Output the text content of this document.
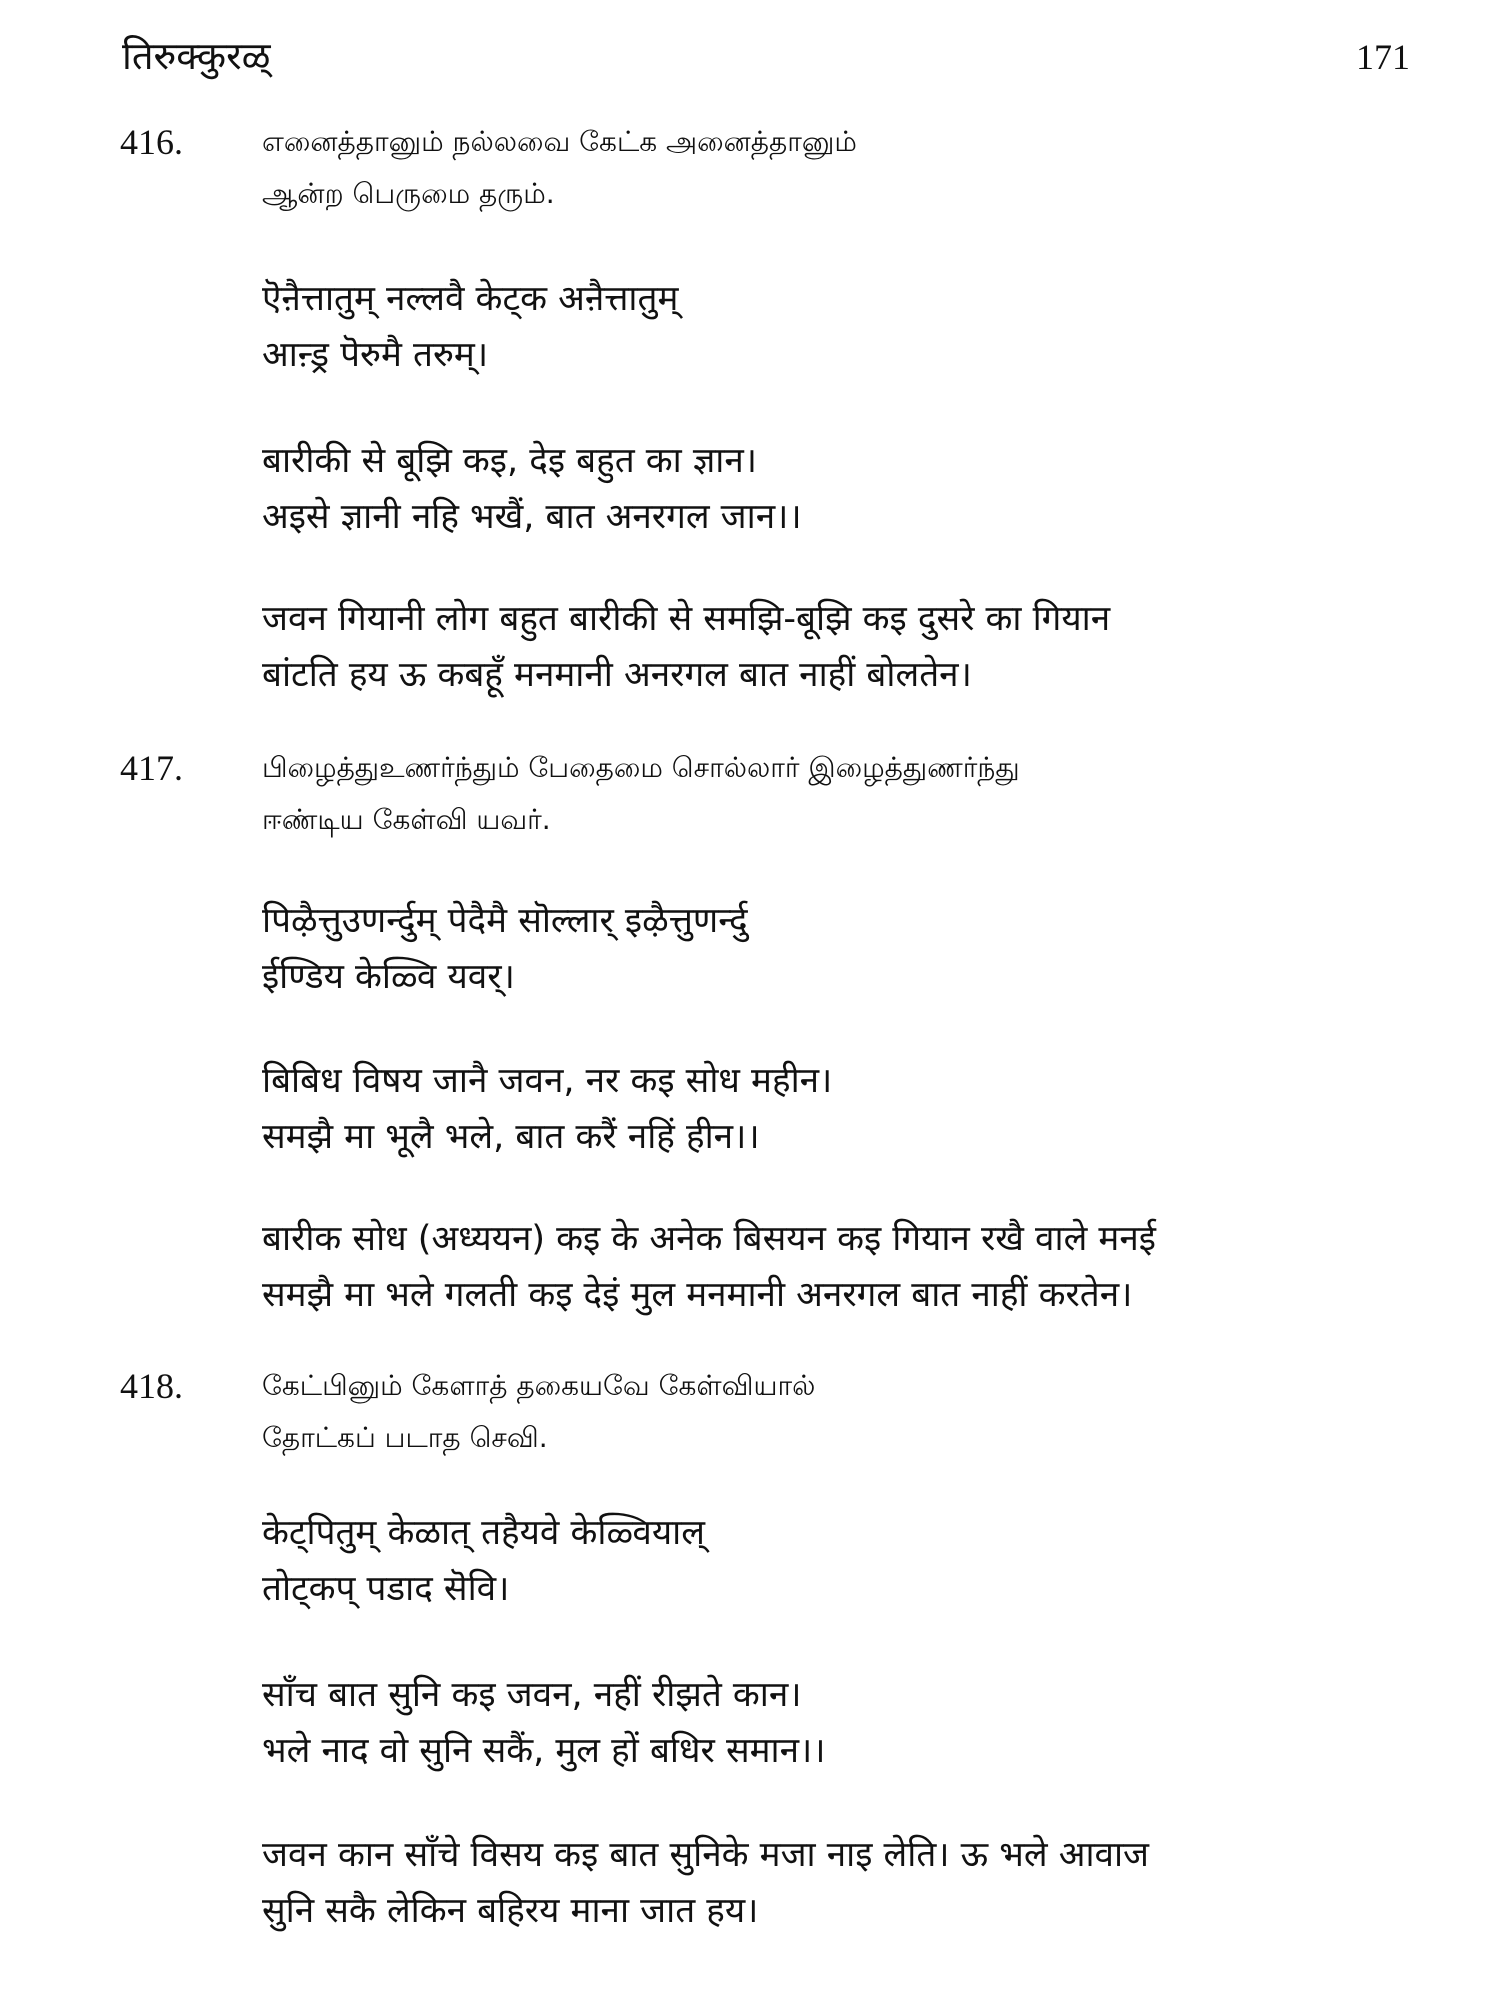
तिरुक्कुरळ्	171
416.	எனைத்தானும் நல்லவை கேட்க அனைத்தானும்
ஆன்ற பெருமை தரும்.
ऎऩैत्तातुम् नल्लवै केट्क अऩैत्तातुम्
आऩ्ड्र पॆरुमै तरुम्।
बारीकी से बूझि कइ, देइ बहुत का ज्ञान।
अइसे ज्ञानी नहि भखैं, बात अनरगल जान।।
जवन गियानी लोग बहुत बारीकी से समझि-बूझि कइ दुसरे का गियान
बांटति हय ऊ कबहूँ मनमानी अनरगल बात नाहीं बोलतेन।
417.	பிழைத்துஉணர்ந்தும் பேதைமை சொல்லார் இழைத்துணர்ந்து
ஈண்டிய கேள்வி யவர்.
पिऴैत्तुउणर्न्दुम् पेदैमै सॊल्लार् इऴैत्तुणर्न्दु
ईण्डिय केळ्वि यवर्।
बिबिध विषय जानै जवन, नर कइ सोध महीन।
समझै मा भूलै भले, बात करैं नहिं हीन।।
बारीक सोध (अध्ययन) कइ के अनेक बिसयन कइ गियान रखै वाले मनई
समझै मा भले गलती कइ देइं मुल मनमानी अनरगल बात नाहीं करतेन।
418.	கேட்பினும் கேளாத் தகையவே கேள்வியால்
தோட்கப் படாத செவி.
केट्पितुम् केळात् तहैयवे केळ्वियाल्
तोट्कप् पडाद सॆवि।
साँच बात सुनि कइ जवन, नहीं रीझते कान।
भले नाद वो सुनि सकैं, मुल हों बधिर समान।।
जवन कान साँचे विसय कइ बात सुनिके मजा नाइ लेति। ऊ भले आवाज
सुनि सकै लेकिन बहिरय माना जात हय।
